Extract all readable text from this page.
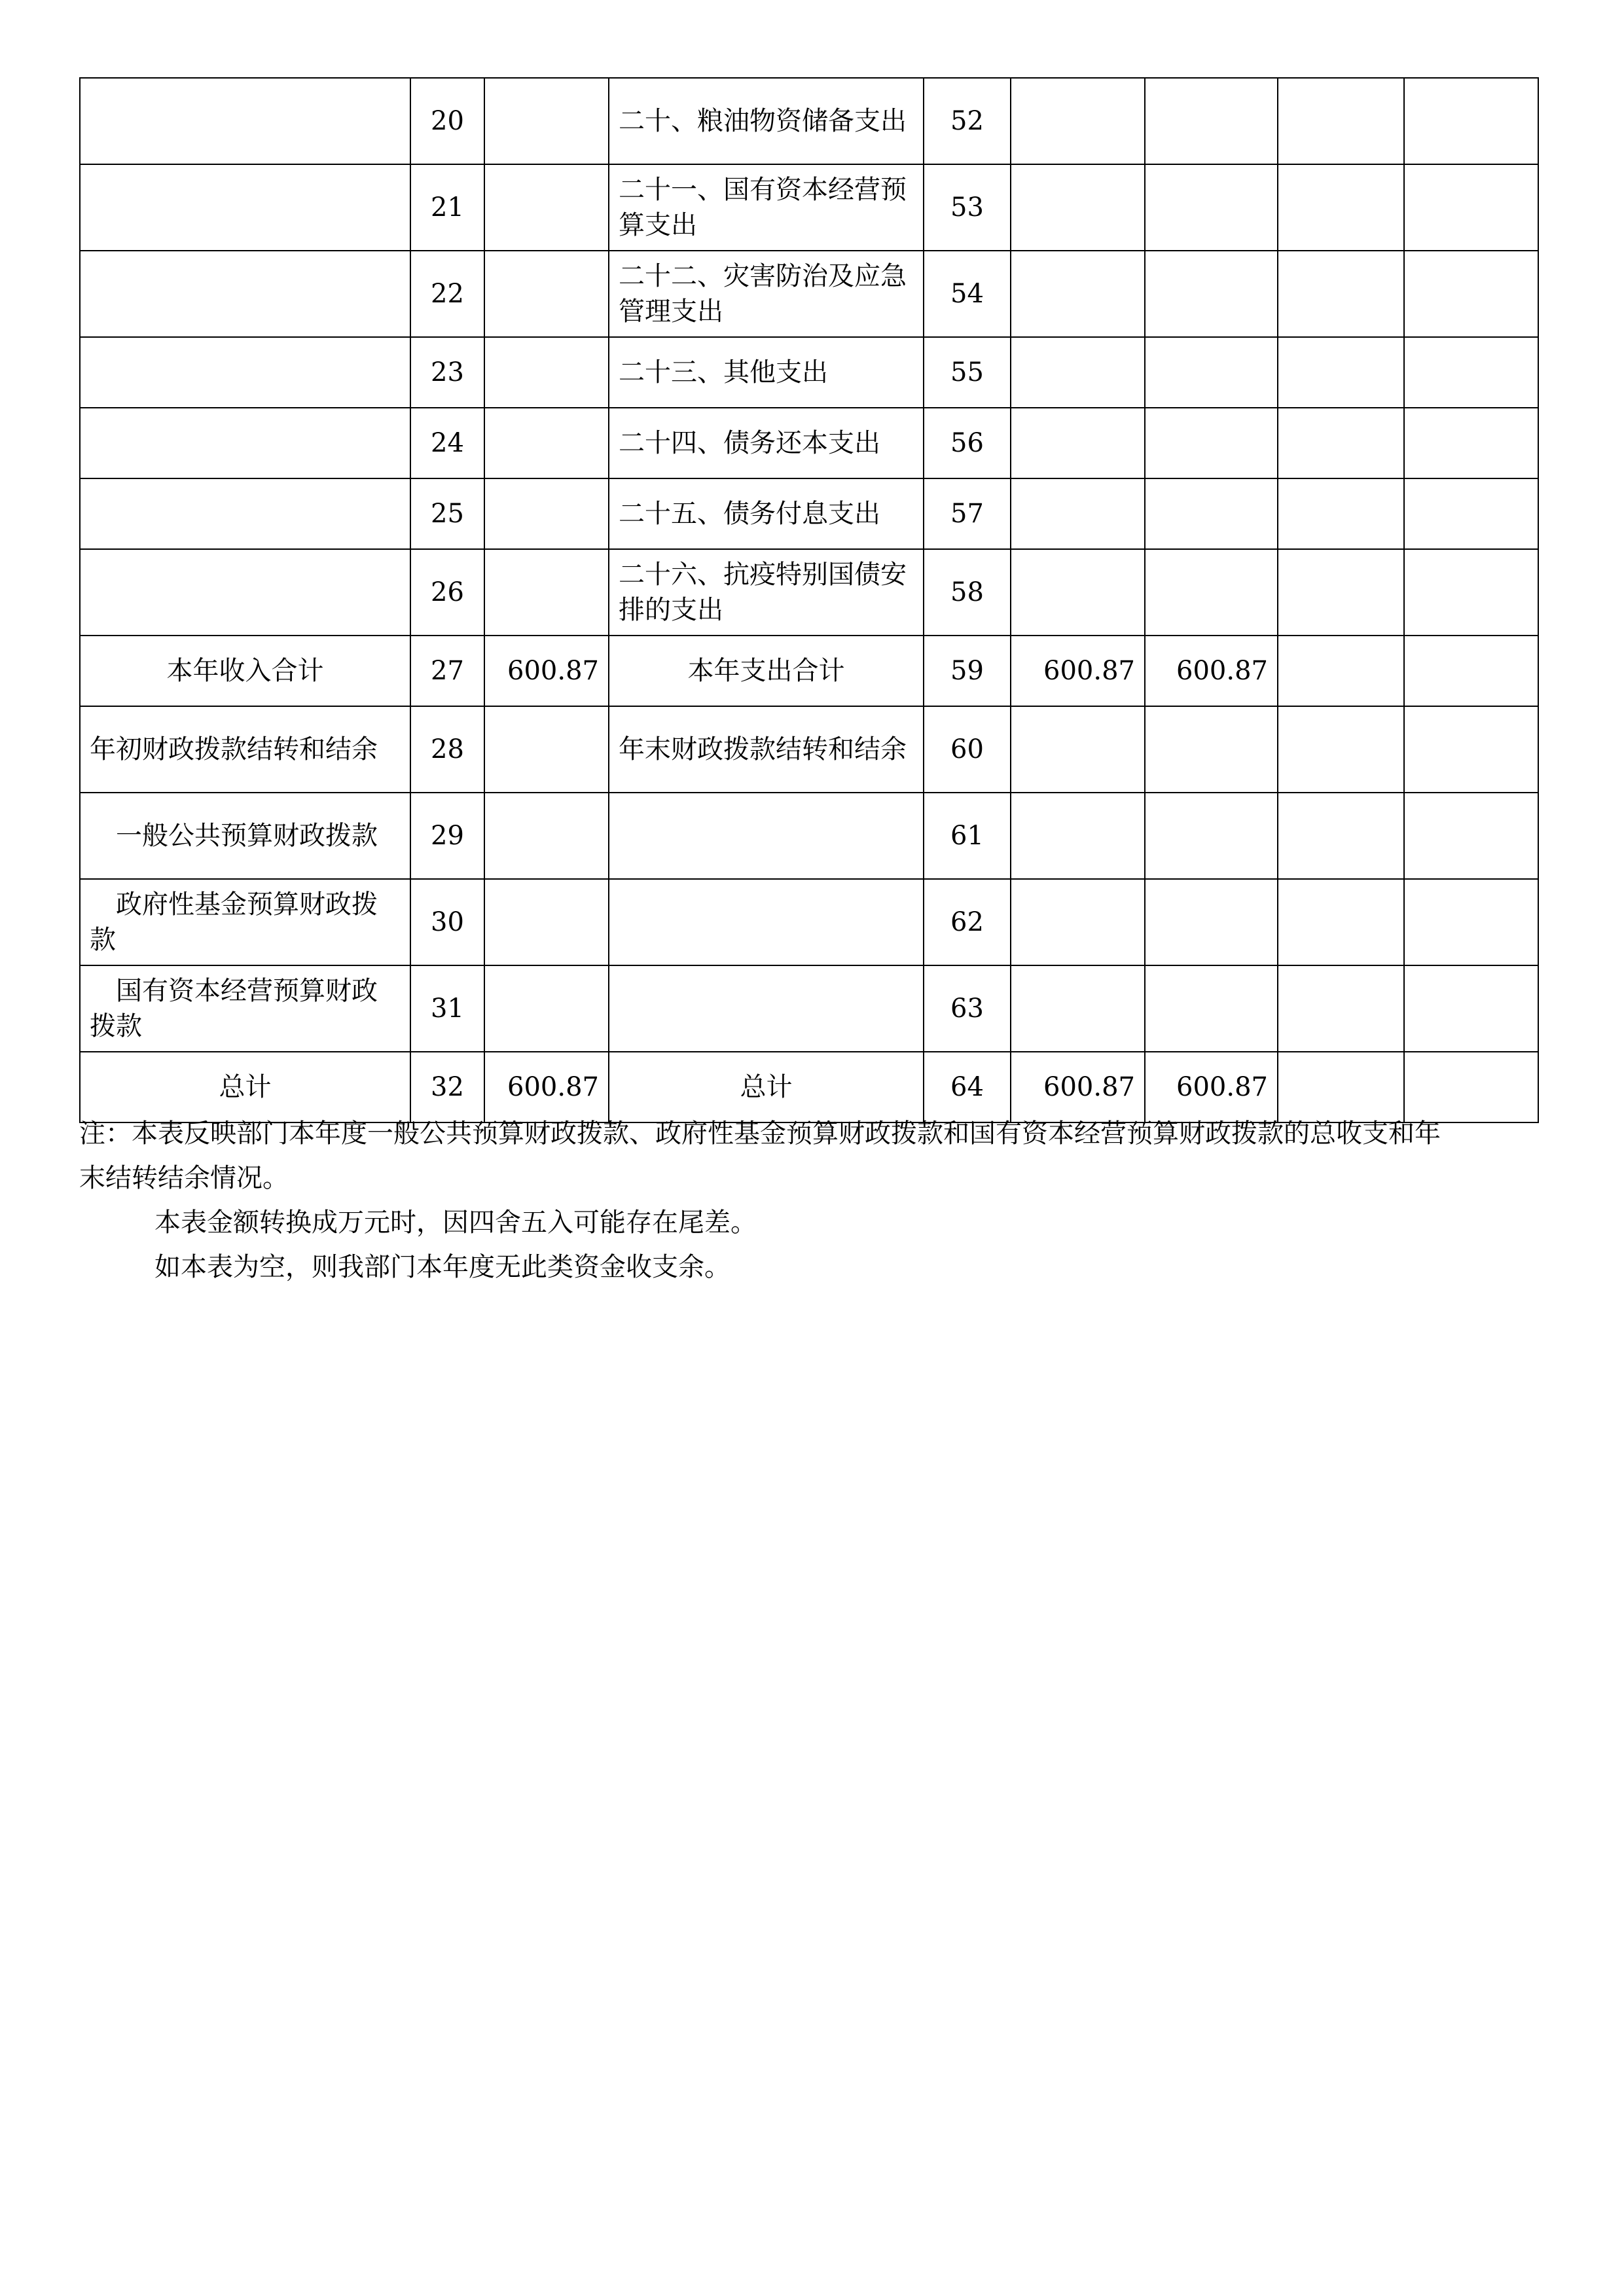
	20		二十、粮油物资储备支出	52				
	21		二十一、国有资本经营预算支出	53				
	22		二十二、灾害防治及应急管理支出	54				
	23		二十三、其他支出	55				
	24		二十四、债务还本支出	56				
	25		二十五、债务付息支出	57				
	26		二十六、抗疫特别国债安排的支出	58				
本年收入合计	27	600.87	本年支出合计	59	600.87	600.87		
年初财政拨款结转和结余	28		年末财政拨款结转和结余	60				
一般公共预算财政拨款	29			61				
政府性基金预算财政拨款	30			62				
国有资本经营预算财政拨款	31			63				
总计	32	600.87	总计	64	600.87	600.87		

注：本表反映部门本年度一般公共预算财政拨款、政府性基金预算财政拨款和国有资本经营预算财政拨款的总收支和年末结转结余情况。

本表金额转换成万元时，因四舍五入可能存在尾差。

如本表为空，则我部门本年度无此类资金收支余。
